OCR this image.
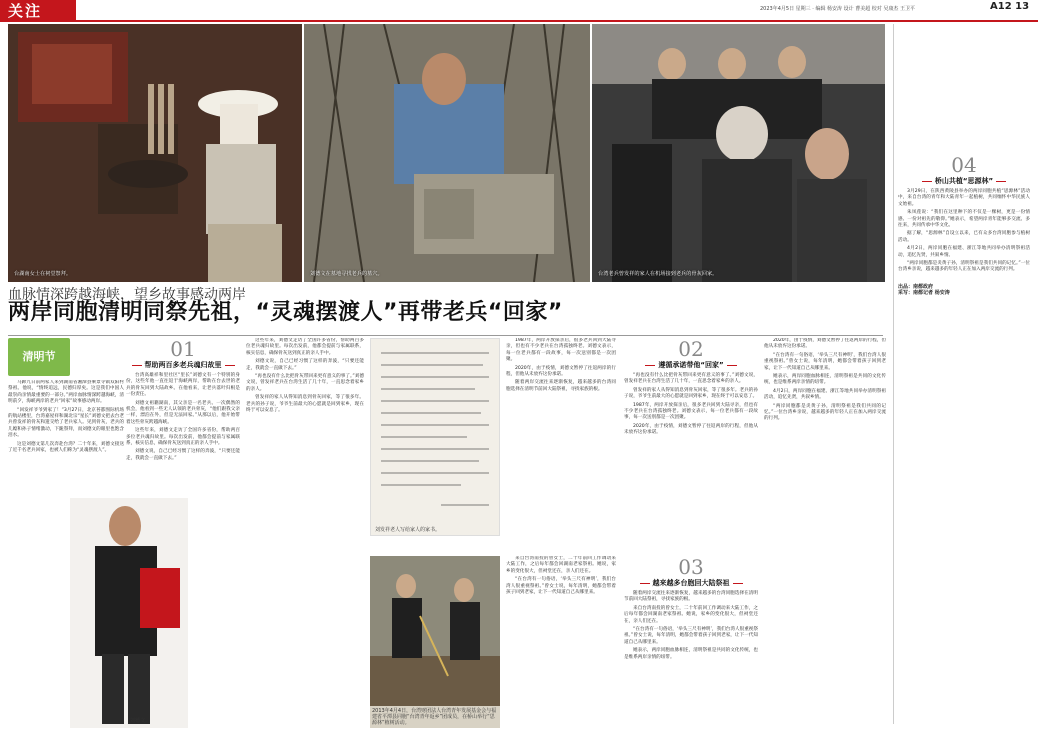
关注	2023年4月5日 星期三 · 编辑 杨安涛 设计 曹美超 校对 吴康杰 王卫平	A12 13
台湖南女士在祠堂祭拜。	刘德文在墓地寻找老兵的墓穴。	台湾老兵曾发祥的家人在机场接到老兵的骨灰回家。
血脉情深跨越海峡，望乡故事感动两岸
两岸同胞清明同祭先祖，“灵魂摆渡人”再带老兵“回家”
清明节

马蹄九日前两家人来到湖南省湘潭县乘景寺镇双阳村祭祖。他说，“情终追远，民德归厚矣。这是我们中国人最崇尚亲情最重要的一部分。”两岸血脉情深跨越海峡，清明前夕，海峡两岸的老兵“回家”故事感动两岸。

“回发祥爷爷到家了！”3月27日，北京苔都图际机场的航站楼里，台湾嘉屋祥和湖北宗“星长”刘德文把去台老兵曾发祥的骨灰和遗交给了老兵家人。见到骨灰，老兵的儿媳和孙子情绪激动，下跪祭拜，而刘德文的眼里也饱含泪水。

这是刘德文第几次奔赴台湾？二十年来，刘德文接送了近千名老兵回家，也被人们称为“灵魂摆渡人”。

刘德文。
01
帮助两百多老兵魂归故里

台湾高雄祥和里社区“里长”刘德文有一个特别的身份，这些年他一直往返于海峡两岸，帮助在台去世的老兵的骨灰回到大陆故乡。在他看来，让老兵落叶归根是一份责任。

刘德文祖籍湖南，其父亲是一名老兵。一次偶然的机会，他看到一些无人认领的老兵骨灰，“他们跟我父亲一样，漂泊在外，但是无法回家。”从那以后，他开始带着这些骨灰跨越海峡。

这些年来，刘德文走访了全国许多省份，帮助两百多位老兵魂归故里。每次出发前，他都会提前与家属联系，核实信息，确保骨灰送到真正的亲人手中。

刘德文说，自己已经习惯了这样的奔波，“只要还能走，我就会一直做下去。”

这些年来，刘德文走访了全国许多省份，帮助两百多位老兵魂归故里。每次出发前，他都会提前与家属联系，核实信息，确保骨灰送到真正的亲人手中。

刘德文说，自己已经习惯了这样的奔波，“只要还能走，我就会一直做下去。”

“再也没有什么比把骨灰带回来更有意义的事了。”刘德文说，曾发祥老兵在台湾生活了几十年，一直思念着家乡的亲人。

曾发祥的家人从得知消息到骨灰回家，等了很多年。老兵的孙子说，爷爷生前最大的心愿就是回到家乡，现在终于可以安息了。

刘发祥老人写给家人的家书。

1987年，两岸开放探亲后，很多老兵回到大陆寻亲，但也有不少老兵在台湾孤独终老。刘德文表示，每一位老兵都有一段故事，每一次送别都是一次团聚。

2020年，由于疫情，刘德文暂停了往返两岸的行程，但他从未放弃这份承诺。

随着两岸交流往来逐渐恢复，越来越多的台湾同胞选择在清明节前回大陆祭祖，寻找家族的根。

2013年4月4日，台湾财团法人台湾青年发展基金会与福建省平潭县同胞“台湾青年返乡”团成员，在桥山举行“思源林”植树活动。

来自台湾南投的曾女士，二十年前回工作调动来大陆工作，之后每年都会回湖南老家祭祖。她说，家乡的变化很大，但祠堂还在，亲人们还在。

“在台湾有一句俗语，‘举头三尺有神明’，我们台湾人很重视祭祖。”曾女士说，每年清明，她都会带着孩子回到老家，让下一代知道自己从哪里来。

02
遵循承诺带他“回家”

“再也没有什么比把骨灰带回来更有意义的事了。”刘德文说，曾发祥老兵在台湾生活了几十年，一直思念着家乡的亲人。

曾发祥的家人从得知消息到骨灰回家，等了很多年。老兵的孙子说，爷爷生前最大的心愿就是回到家乡，现在终于可以安息了。

1987年，两岸开放探亲后，很多老兵回到大陆寻亲，但也有不少老兵在台湾孤独终老。刘德文表示，每一位老兵都有一段故事，每一次送别都是一次团聚。

2020年，由于疫情，刘德文暂停了往返两岸的行程，但他从未放弃这份承诺。

03
越来越多台胞回大陆祭祖

随着两岸交流往来逐渐恢复，越来越多的台湾同胞选择在清明节前回大陆祭祖，寻找家族的根。

来自台湾南投的曾女士，二十年前回工作调动来大陆工作，之后每年都会回湖南老家祭祖。她说，家乡的变化很大，但祠堂还在，亲人们还在。

“在台湾有一句俗语，‘举头三尺有神明’，我们台湾人很重视祭祖。”曾女士说，每年清明，她都会带着孩子回到老家，让下一代知道自己从哪里来。

她表示，两岸同胞血脉相连，清明祭祖是共同的文化传统，也是维系两岸亲情的纽带。

2020年，由于疫情，刘德文暂停了往返两岸的行程，但他从未放弃这份承诺。

“在台湾有一句俗语，‘举头三尺有神明’，我们台湾人很重视祭祖。”曾女士说，每年清明，她都会带着孩子回到老家，让下一代知道自己从哪里来。

她表示，两岸同胞血脉相连，清明祭祖是共同的文化传统，也是维系两岸亲情的纽带。

4月2日，两岸同胞在福建、浙江等地共同举办清明祭祖活动，追忆先贤，共叙乡情。

“两岸同胞都是炎黄子孙，清明祭祖是我们共同的记忆。”一位台湾乡亲说，越来越多的年轻人正在加入两岸交流的行列。

04
桥山共植“思源林”

3月29日，在陕西黄陵县举办的两岸同胞共植“思源林”活动中，来自台湾的青年和大陆青年一起植树，共同缅怀中华民族人文始祖。

朱凤莲说：“我们在这里种下的不仅是一棵树，更是一份情感、一份对祖先的敬仰。”她表示，希望两岸青年能够多交流、多往来，共同传承中华文化。

据了解，“思源林”自设立以来，已有众多台湾同胞参与植树活动。

4月2日，两岸同胞在福建、浙江等地共同举办清明祭祖活动，追忆先贤，共叙乡情。

“两岸同胞都是炎黄子孙，清明祭祖是我们共同的记忆。”一位台湾乡亲说，越来越多的年轻人正在加入两岸交流的行列。

出品：南都政府
采写：南都记者 杨安涛
